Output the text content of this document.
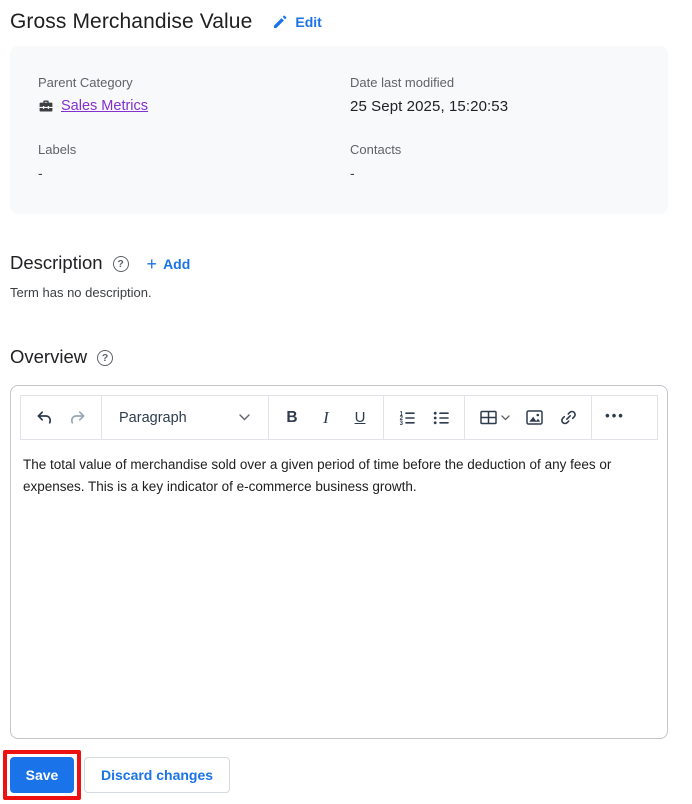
Gross Merchandise Value	Edit
Parent Category
Sales Metrics
Date last modified
25 Sept 2025, 15:20:53
Labels
-
Contacts
-
Description	? + Add

Term has no description.

Overview	?
Paragraph	B	I	U	1
2
3
•••

The total value of merchandise sold over a given period of time before the deduction of any fees or expenses. This is a key indicator of e-commerce business growth.

Save	Discard changes
